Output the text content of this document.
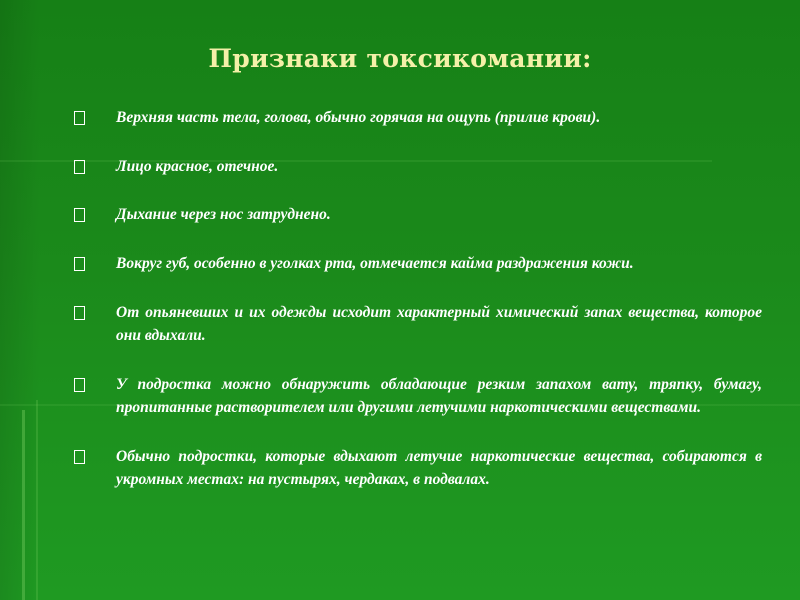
Признаки токсикомании:
Верхняя часть тела, голова, обычно горячая на ощупь (прилив крови).
Лицо красное, отечное.
Дыхание через нос затруднено.
Вокруг губ, особенно в уголках рта, отмечается кайма раздражения кожи.
От опьяневших и их одежды исходит характерный химический запах вещества, которое они вдыхали.
У подростка можно обнаружить обладающие резким запахом вату, тряпку, бумагу, пропитанные растворителем или другими летучими наркотическими веществами.
Обычно подростки, которые вдыхают летучие наркотические вещества, собираются в укромных местах: на пустырях, чердаках, в подвалах.
